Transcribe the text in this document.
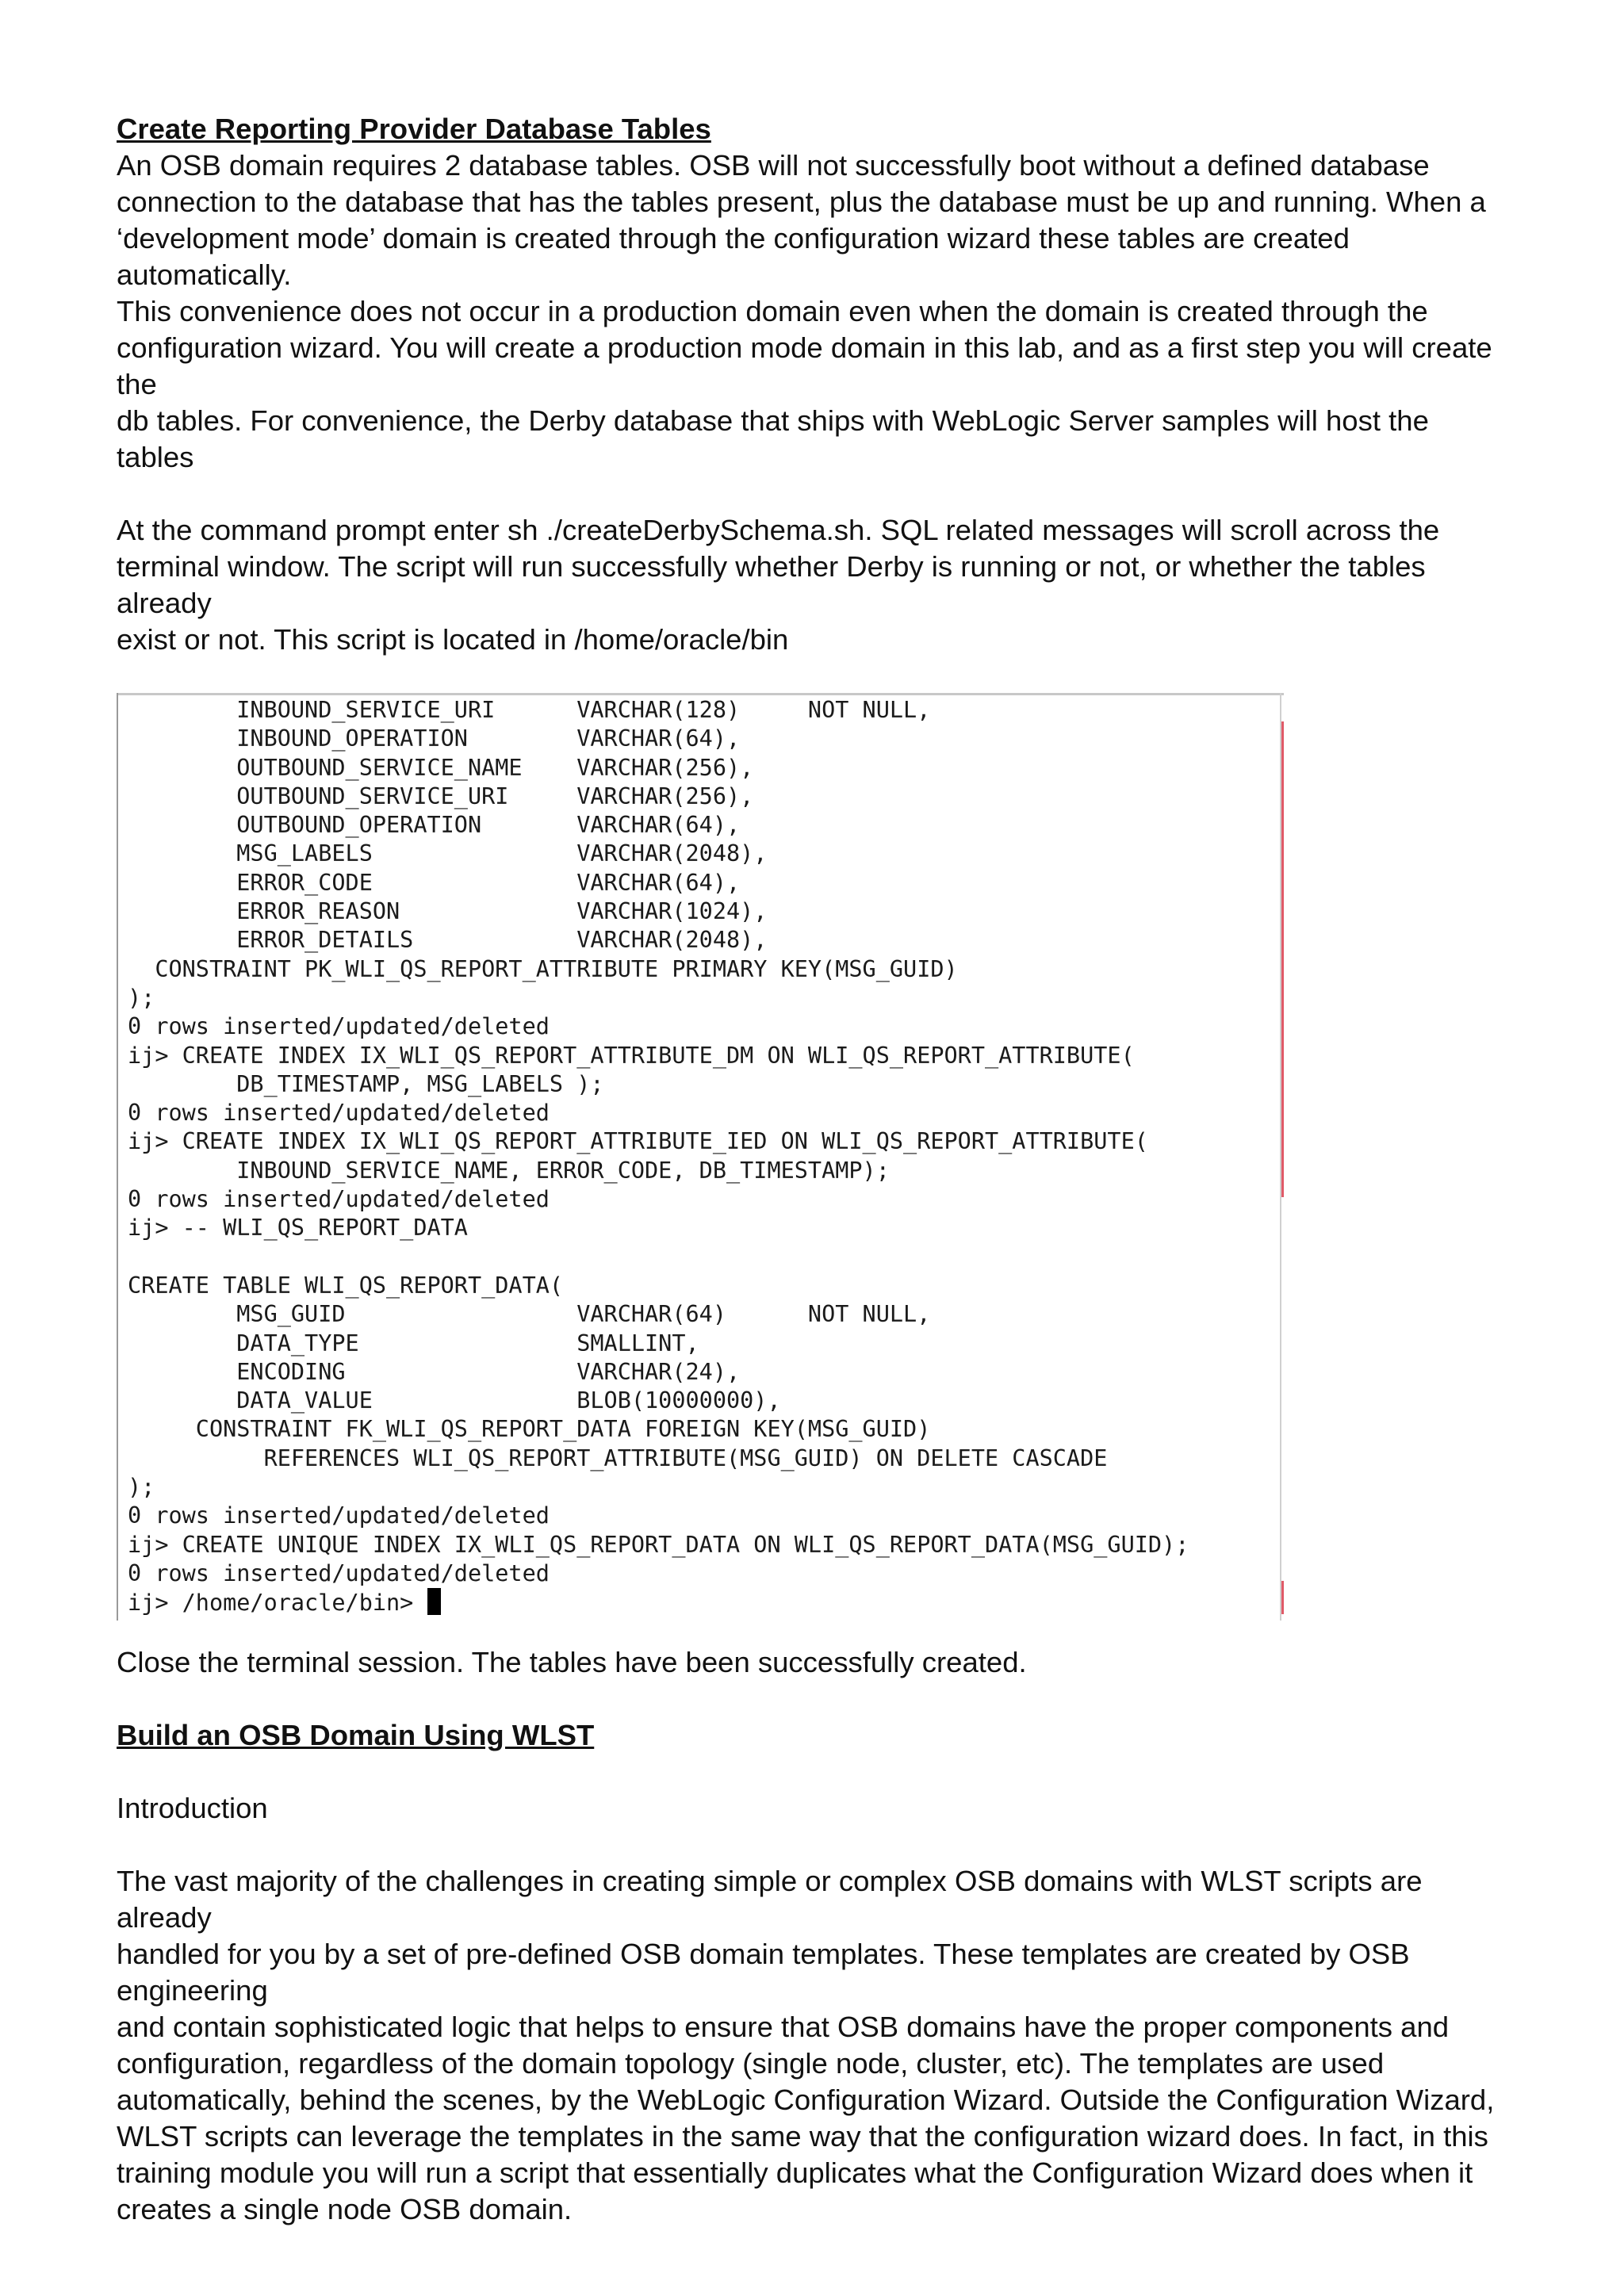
Create Reporting Provider Database Tables

An OSB domain requires 2 database tables. OSB will not successfully boot without a defined database
connection to the database that has the tables present, plus the database must be up and running. When a
‘development mode’ domain is created through the configuration wizard these tables are created automatically.
This convenience does not occur in a production domain even when the domain is created through the
configuration wizard. You will create a production mode domain in this lab, and as a first step you will create the
db tables. For convenience, the Derby database that ships with WebLogic Server samples will host the tables

At the command prompt enter sh ./createDerbySchema.sh. SQL related messages will scroll across the
terminal window. The script will run successfully whether Derby is running or not, or whether the tables already
exist or not. This script is located in /home/oracle/bin

INBOUND_SERVICE_URI      VARCHAR(128)     NOT NULL,
INBOUND_OPERATION        VARCHAR(64),
OUTBOUND_SERVICE_NAME    VARCHAR(256),
OUTBOUND_SERVICE_URI     VARCHAR(256),
OUTBOUND_OPERATION       VARCHAR(64),
MSG_LABELS               VARCHAR(2048),
ERROR_CODE               VARCHAR(64),
ERROR_REASON             VARCHAR(1024),
ERROR_DETAILS            VARCHAR(2048),
CONSTRAINT PK_WLI_QS_REPORT_ATTRIBUTE PRIMARY KEY(MSG_GUID)
);
0 rows inserted/updated/deleted
ij> CREATE INDEX IX_WLI_QS_REPORT_ATTRIBUTE_DM ON WLI_QS_REPORT_ATTRIBUTE(
DB_TIMESTAMP, MSG_LABELS );
0 rows inserted/updated/deleted
ij> CREATE INDEX IX_WLI_QS_REPORT_ATTRIBUTE_IED ON WLI_QS_REPORT_ATTRIBUTE(
INBOUND_SERVICE_NAME, ERROR_CODE, DB_TIMESTAMP);
0 rows inserted/updated/deleted
ij> -- WLI_QS_REPORT_DATA

CREATE TABLE WLI_QS_REPORT_DATA(
MSG_GUID                 VARCHAR(64)      NOT NULL,
DATA_TYPE                SMALLINT,
ENCODING                 VARCHAR(24),
DATA_VALUE               BLOB(10000000),
CONSTRAINT FK_WLI_QS_REPORT_DATA FOREIGN KEY(MSG_GUID)
REFERENCES WLI_QS_REPORT_ATTRIBUTE(MSG_GUID) ON DELETE CASCADE
);
0 rows inserted/updated/deleted
ij> CREATE UNIQUE INDEX IX_WLI_QS_REPORT_DATA ON WLI_QS_REPORT_DATA(MSG_GUID);
0 rows inserted/updated/deleted
ij> /home/oracle/bin>

Close the terminal session. The tables have been successfully created.

Build an OSB Domain Using WLST

Introduction

The vast majority of the challenges in creating simple or complex OSB domains with WLST scripts are already
handled for you by a set of pre-defined OSB domain templates. These templates are created by OSB engineering
and contain sophisticated logic that helps to ensure that OSB domains have the proper components and
configuration, regardless of the domain topology (single node, cluster, etc). The templates are used
automatically, behind the scenes, by the WebLogic Configuration Wizard. Outside the Configuration Wizard,
WLST scripts can leverage the templates in the same way that the configuration wizard does. In fact, in this
training module you will run a script that essentially duplicates what the Configuration Wizard does when it
creates a single node OSB domain.
